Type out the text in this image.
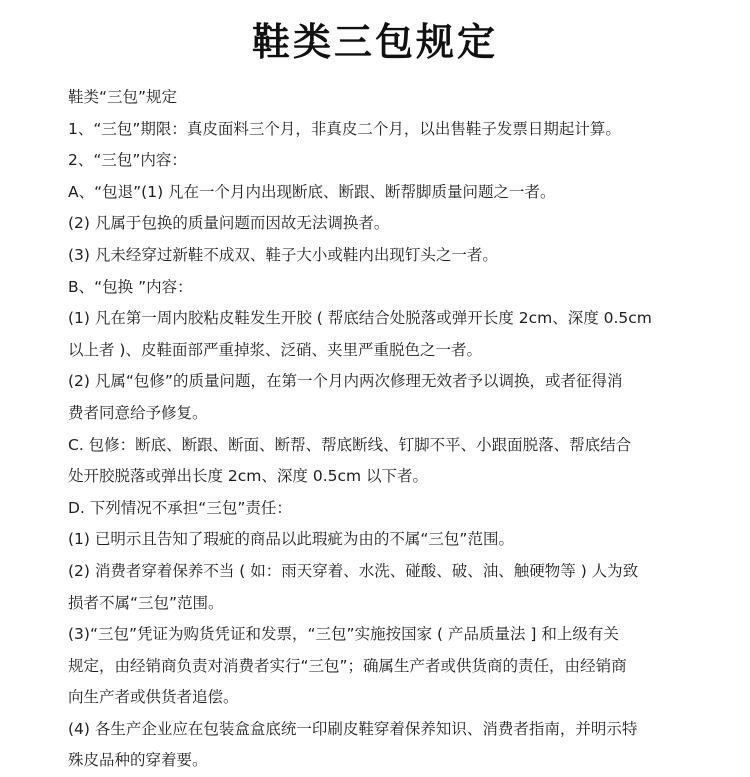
鞋类三包规定
鞋类“三包”规定
1、“三包”期限：真皮面料三个月，非真皮二个月，以出售鞋子发票日期起计算。
2、“三包”内容：
A、“包退”(1) 凡在一个月内出现断底、断跟、断帮脚质量问题之一者。
(2) 凡属于包换的质量问题而因故无法调换者。
(3) 凡未经穿过新鞋不成双、鞋子大小或鞋内出现钉头之一者。
B、“包换 ”内容：
(1) 凡在第一周内胶粘皮鞋发生开胶 ( 帮底结合处脱落或弹开长度 2cm、深度 0.5cm
以上者 )、皮鞋面部严重掉浆、泛硝、夹里严重脱色之一者。
(2) 凡属“包修”的质量问题，在第一个月内两次修理无效者予以调换，或者征得消
费者同意给予修复。
C. 包修：断底、断跟、断面、断帮、帮底断线、钉脚不平、小跟面脱落、帮底结合
处开胶脱落或弹出长度 2cm、深度 0.5cm 以下者。
D. 下列情况不承担“三包”责任：
(1) 已明示且告知了瑕疵的商品以此瑕疵为由的不属“三包”范围。
(2) 消费者穿着保养不当 ( 如：雨天穿着、水洗、碰酸、破、油、触硬物等 ) 人为致
损者不属“三包”范围。
(3)“三包”凭证为购货凭证和发票，“三包”实施按国家 ( 产品质量法 ] 和上级有关
规定，由经销商负责对消费者实行“三包”；确属生产者或供货商的责任，由经销商
向生产者或供货者追偿。
(4) 各生产企业应在包装盒盒底统一印刷皮鞋穿着保养知识、消费者指南，并明示特
殊皮品种的穿着要。
